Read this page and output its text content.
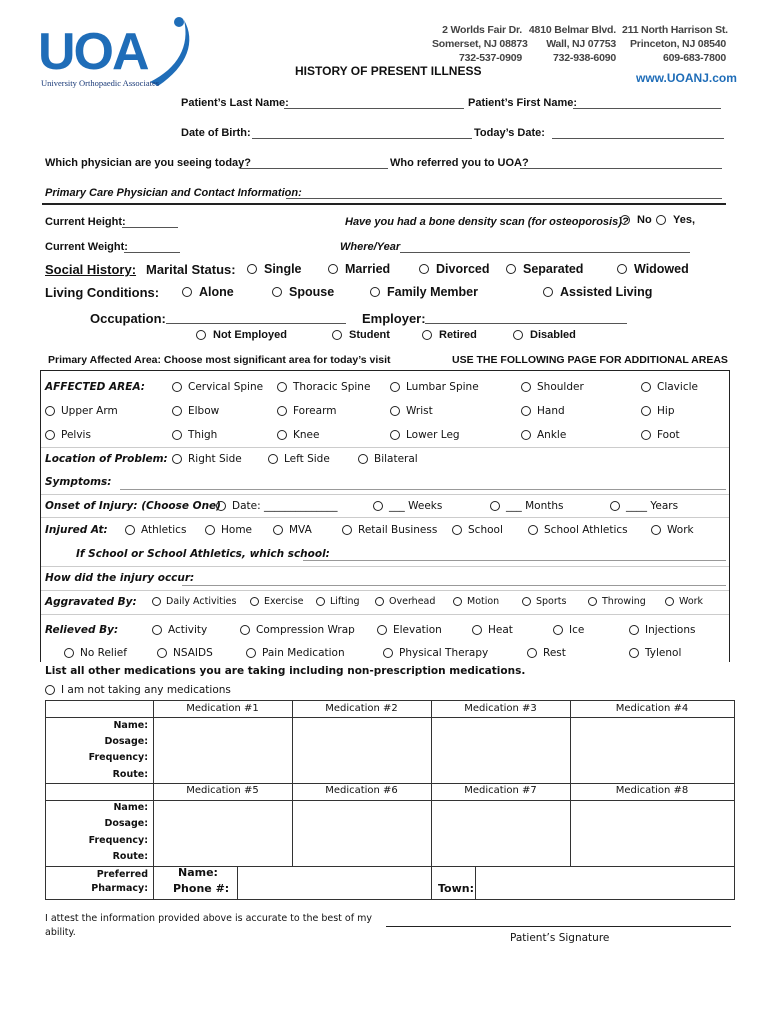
UOA
University Orthopaedic Associates
2 Worlds Fair Dr.
Somerset, NJ 08873
732-537-0909
4810 Belmar Blvd.
Wall, NJ 07753
732-938-6090
211 North Harrison St.
Princeton, NJ 08540
609-683-7800
www.UOANJ.com
HISTORY OF PRESENT ILLNESS
Patient’s Last Name:	Patient’s First Name:
Date of Birth:	Today’s Date:
Which physician are you seeing today?	Who referred you to UOA?
Primary Care Physician and Contact Information:
Current Height:	Have you had a bone density scan (for osteoporosis)? No Yes,
Current Weight:	Where/Year
Social History: Marital Status: Single	Married	Divorced	Separated	Widowed
Living Conditions:	Alone	Spouse	Family Member	Assisted Living
Occupation:	Employer:
Not Employed	Student	Retired	Disabled
Primary Affected Area: Choose most significant area for today’s visit	USE THE FOLLOWING PAGE FOR ADDITIONAL AREAS
AFFECTED AREA:	Cervical Spine	Thoracic Spine	Lumbar Spine	Shoulder	Clavicle
Upper Arm	Elbow	Forearm	Wrist	Hand	Hip
Pelvis	Thigh	Knee	Lower Leg	Ankle	Foot
Location of Problem: Right Side	Left Side	Bilateral
Symptoms:
Onset of Injury: (Choose One) Date: ______________	___ Weeks	___ Months	____ Years
Injured At:	Athletics	Home	MVA	Retail Business	School	School Athletics	Work
If School or School Athletics, which school:
How did the injury occur:
Aggravated By:	Daily Activities	Exercise	Lifting	Overhead	Motion	Sports	Throwing	Work
Relieved By:	Activity	Compression Wrap	Elevation	Heat	Ice	Injections
No Relief	NSAIDS	Pain Medication	Physical Therapy	Rest	Tylenol
List all other medications you are taking including non-prescription medications.
I am not taking any medications
Medication #1	Medication #2	Medication #3	Medication #4
Name:
Dosage:
Frequency:
Route:
Medication #5	Medication #6	Medication #7	Medication #8
Name:
Dosage:
Frequency:
Route:
Preferred
Pharmacy:
Name:
Phone #:	Town:
I attest the information provided above is accurate to the best of my ability.	Patient’s Signature
